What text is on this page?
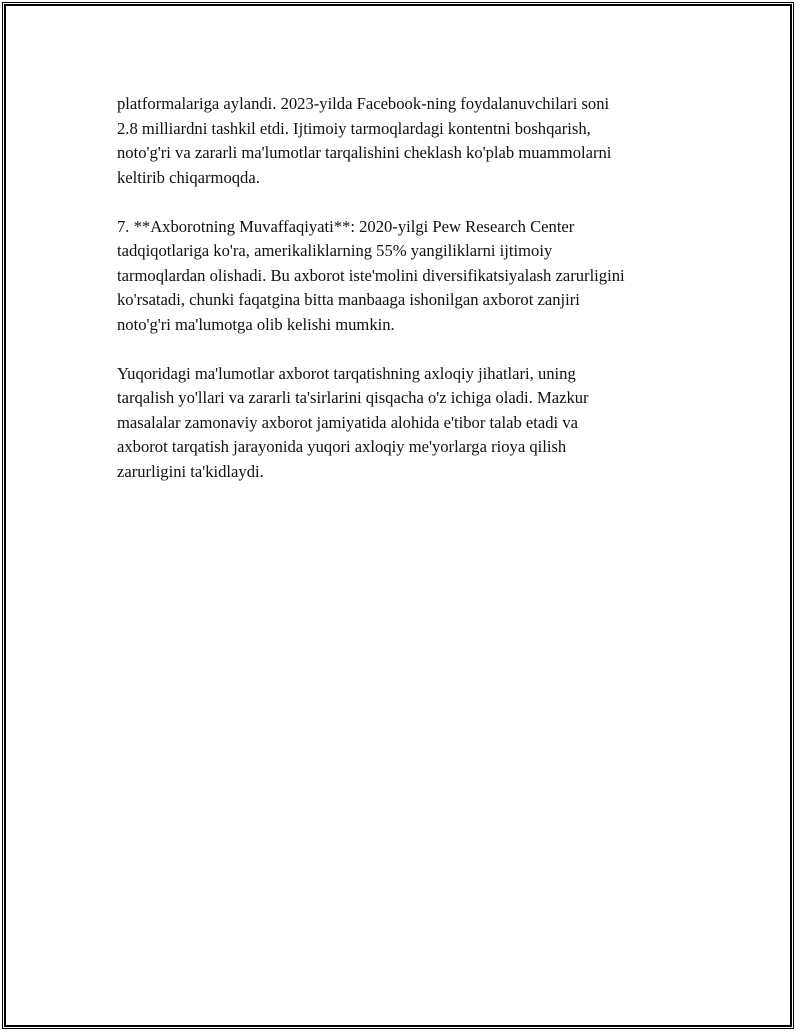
platformalariga aylandi. 2023-yilda Facebook-ning foydalanuvchilari soni
2.8 milliardni tashkil etdi. Ijtimoiy tarmoqlardagi kontentni boshqarish,
noto'g'ri va zararli ma'lumotlar tarqalishini cheklash ko'plab muammolarni
keltirib chiqarmoqda.

7. **Axborotning Muvaffaqiyati**: 2020-yilgi Pew Research Center
tadqiqotlariga ko'ra, amerikaliklarning 55% yangiliklarni ijtimoiy
tarmoqlardan olishadi. Bu axborot iste'molini diversifikatsiyalash zarurligini
ko'rsatadi, chunki faqatgina bitta manbaaga ishonilgan axborot zanjiri
noto'g'ri ma'lumotga olib kelishi mumkin.

Yuqoridagi ma'lumotlar axborot tarqatishning axloqiy jihatlari, uning
tarqalish yo'llari va zararli ta'sirlarini qisqacha o'z ichiga oladi. Mazkur
masalalar zamonaviy axborot jamiyatida alohida e'tibor talab etadi va
axborot tarqatish jarayonida yuqori axloqiy me'yorlarga rioya qilish
zarurligini ta'kidlaydi.
